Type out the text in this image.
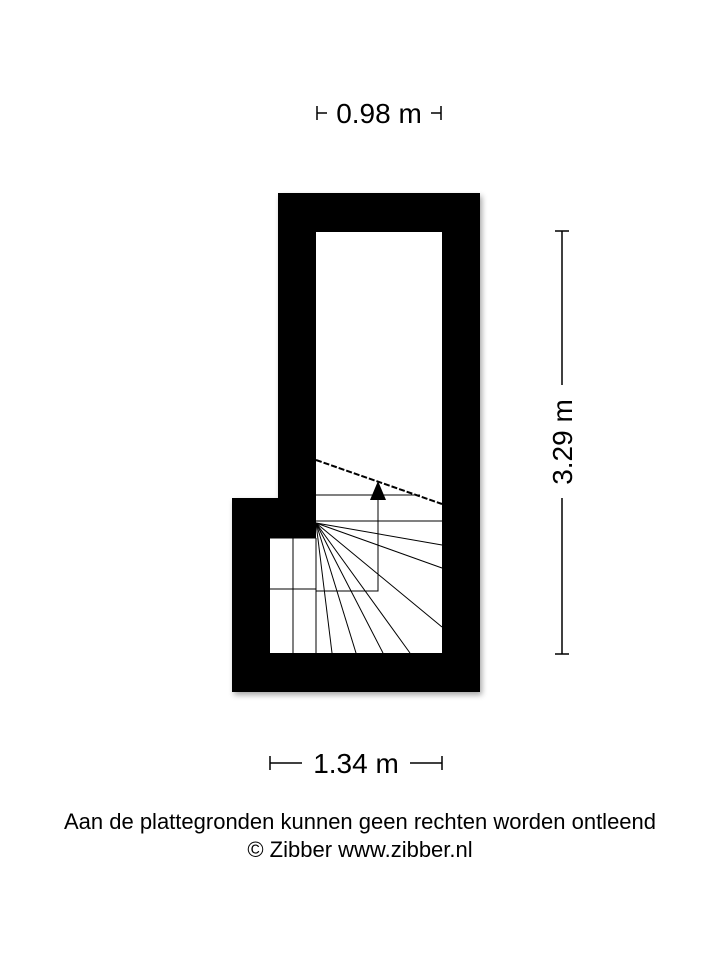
0.98 m
1.34 m
3.29 m
Aan de plattegronden kunnen geen rechten worden ontleend
© Zibber www.zibber.nl
